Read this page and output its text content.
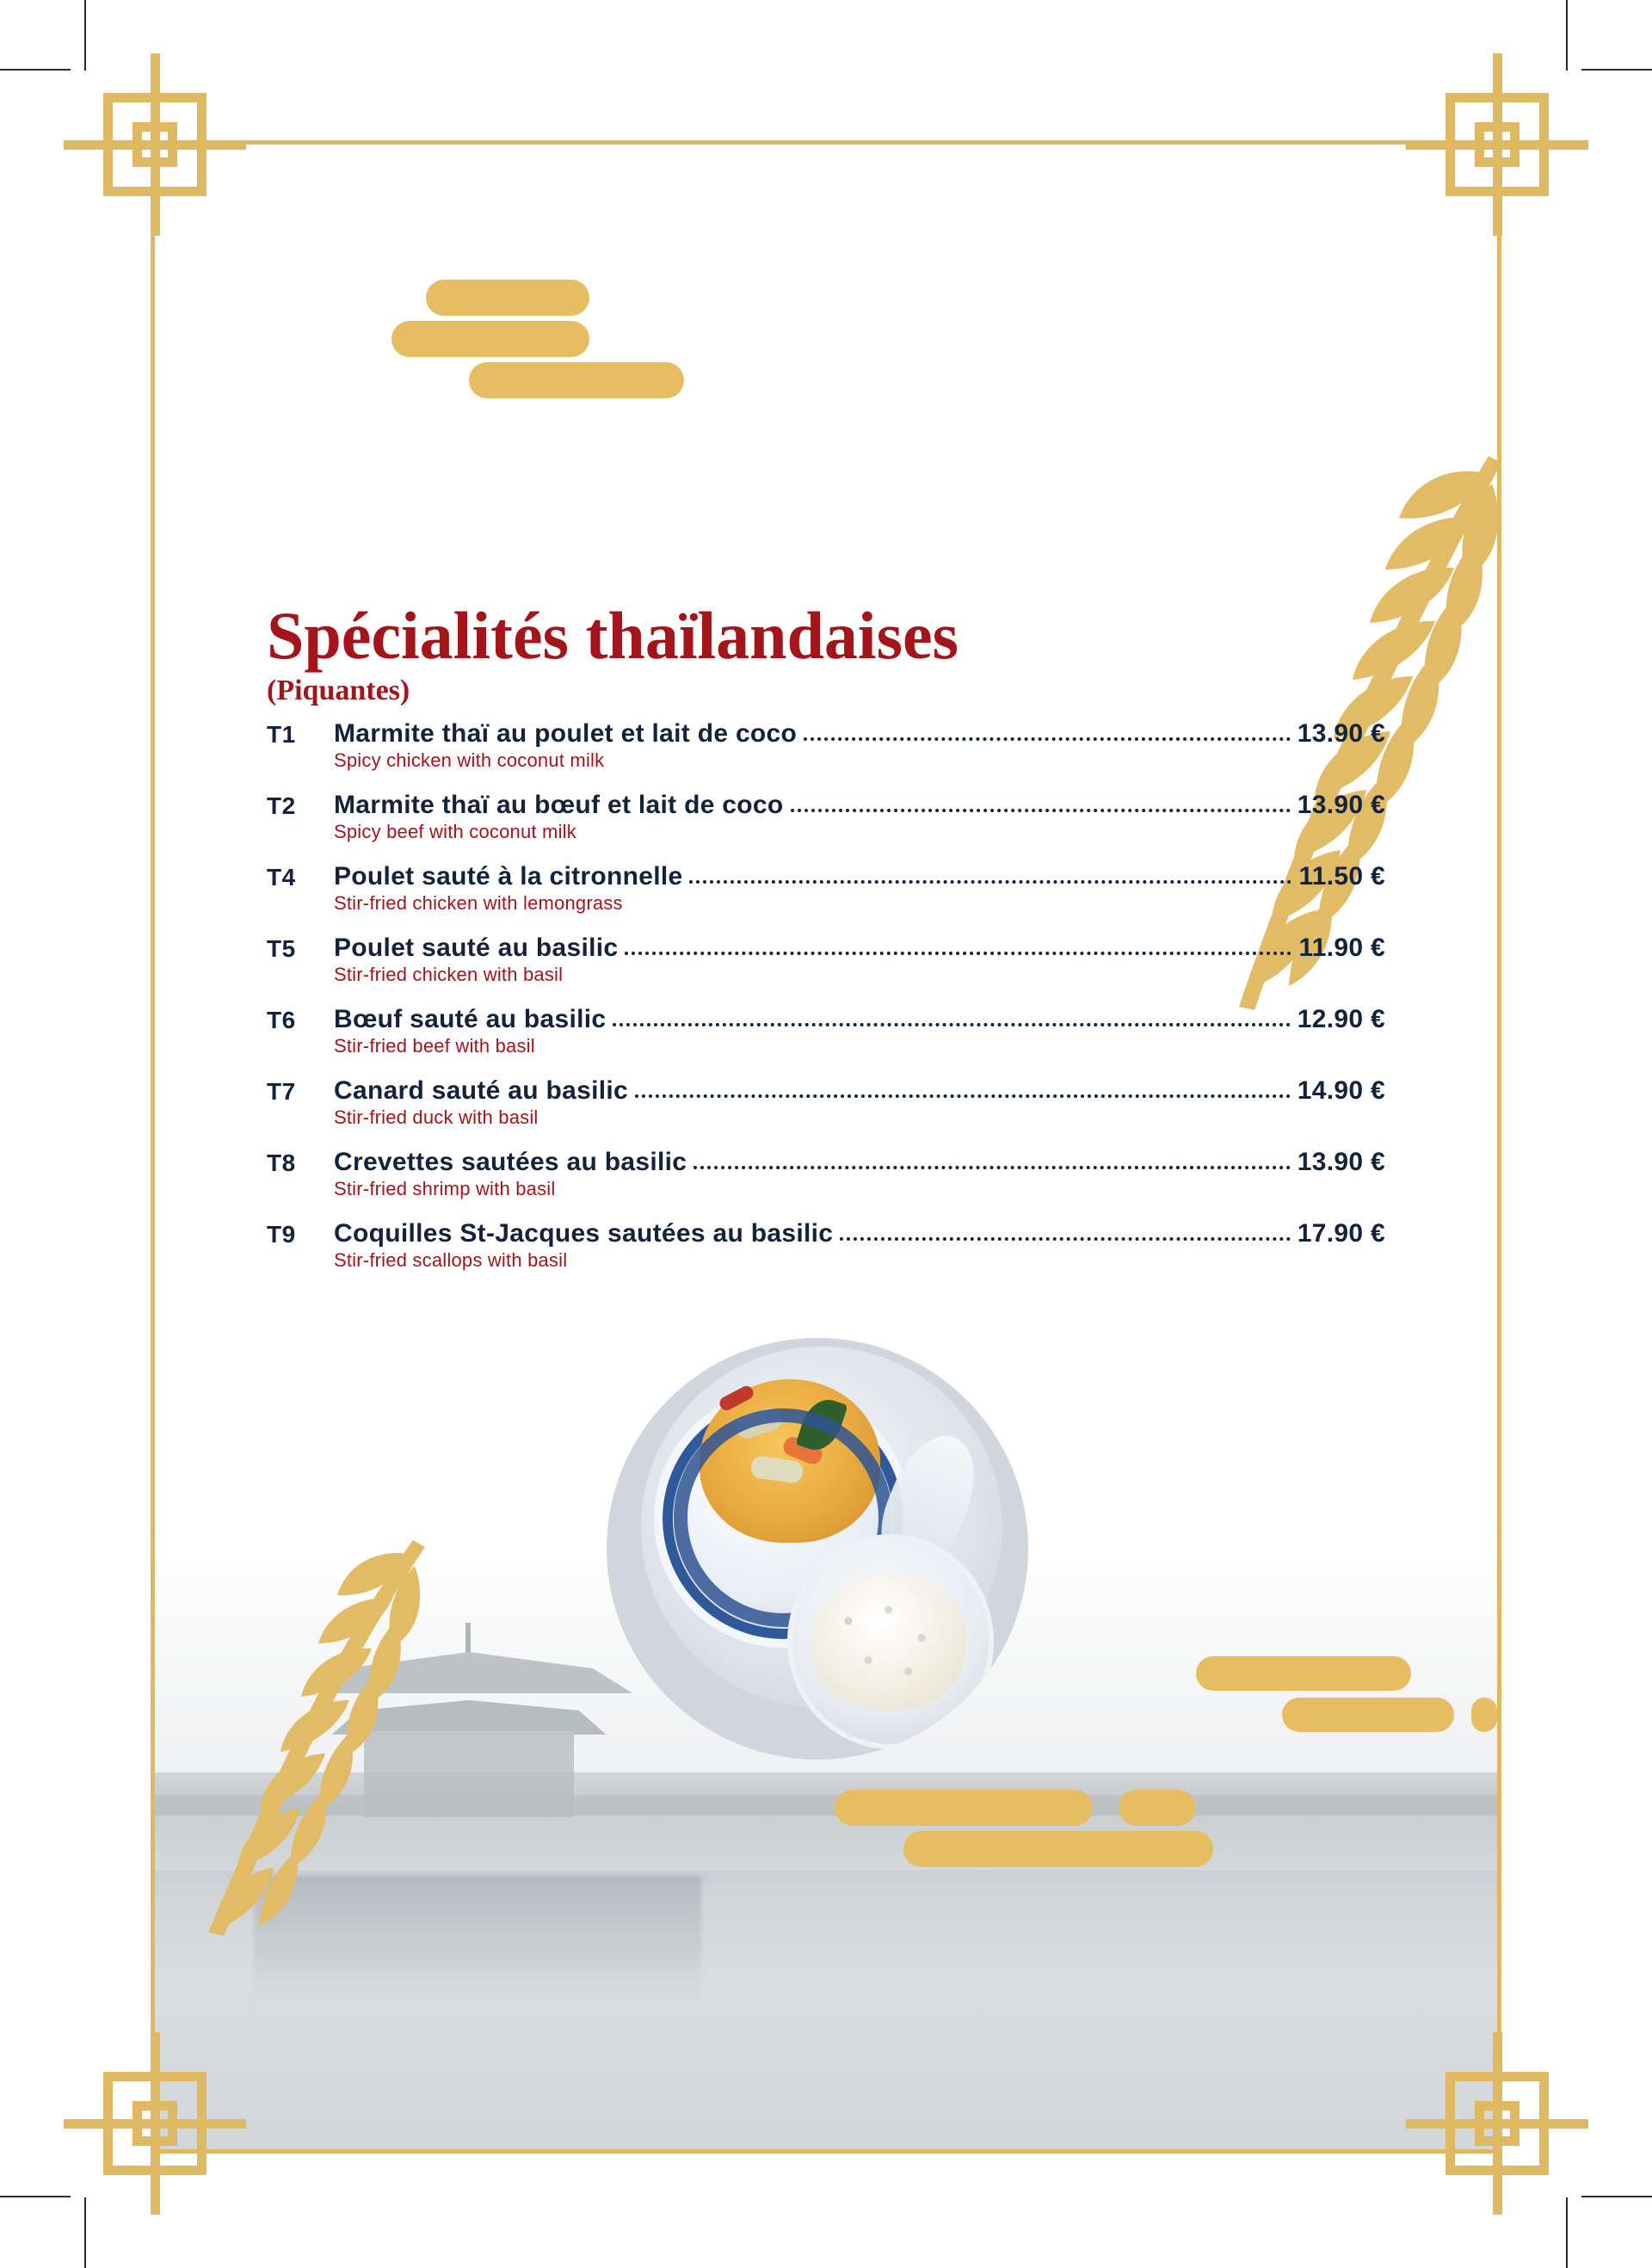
Spécialités thaïlandaises
(Piquantes)
T1	Marmite thaï au poulet et lait de coco	13.90 €
Spicy chicken with coconut milk
T2	Marmite thaï au bœuf et lait de coco	13.90 €
Spicy beef with coconut milk
T4	Poulet sauté à la citronnelle	11.50 €
Stir-fried chicken with lemongrass
T5	Poulet sauté au basilic	11.90 €
Stir-fried chicken with basil
T6	Bœuf sauté au basilic	12.90 €
Stir-fried beef with basil
T7	Canard sauté au basilic	14.90 €
Stir-fried duck with basil
T8	Crevettes sautées au basilic	13.90 €
Stir-fried shrimp with basil
T9	Coquilles St-Jacques sautées au basilic	17.90 €
Stir-fried scallops with basil
